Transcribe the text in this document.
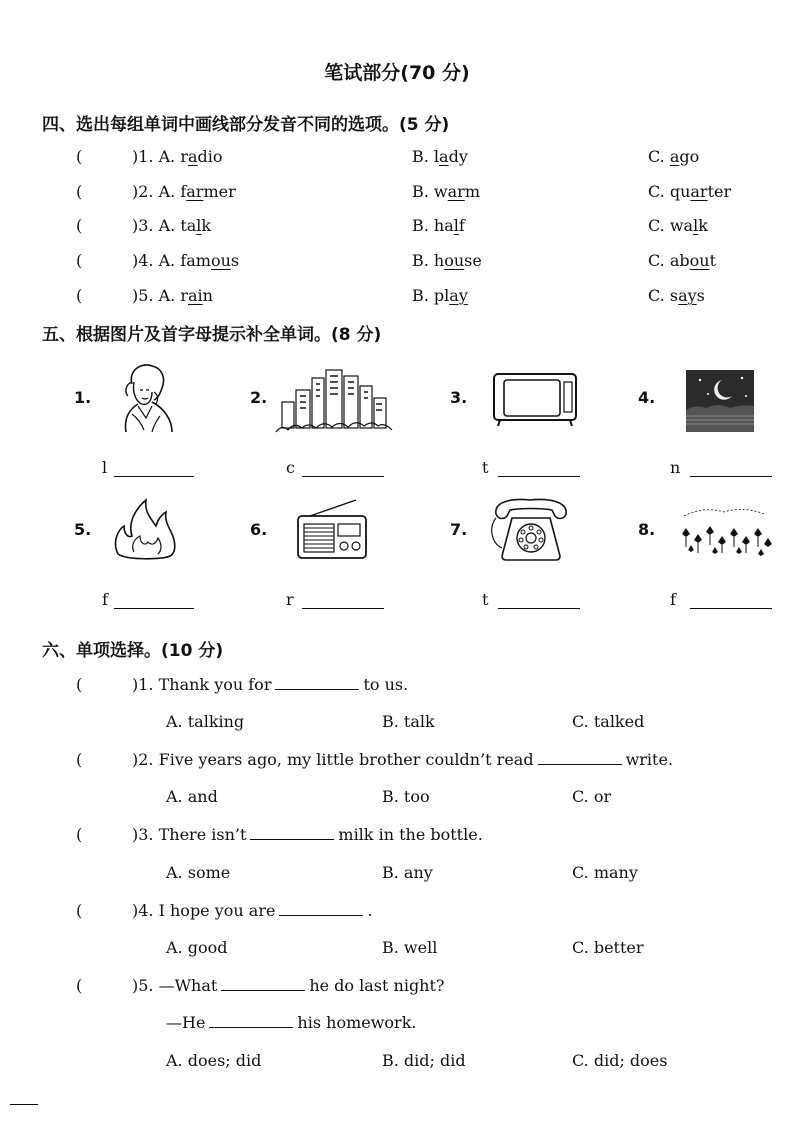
笔试部分(70 分)
四、选出每组单词中画线部分发音不同的选项。(5 分)
(	)1. A. radio	B. lady	C. ago
(	)2. A. farmer	B. warm	C. quarter
(	)3. A. talk	B. half	C. walk
(	)4. A. famous	B. house	C. about
(	)5. A. rain	B. play	C. says
五、根据图片及首字母提示补全单词。(8 分)
1.	2.	3.	4.
l	c	t	n
5.	6.	7.	8.
f	r	t	f
六、单项选择。(10 分)
(	)1. Thank you for	to us.
A. talking	B. talk	C. talked
(	)2. Five years ago, my little brother couldn’t read	write.
A. and	B. too	C. or
(	)3. There isn’t	milk in the bottle.
A. some	B. any	C. many
(	)4. I hope you are	.
A. good	B. well	C. better
(	)5. —What	he do last night?
—He	his homework.
A. does; did	B. did; did	C. did; does
